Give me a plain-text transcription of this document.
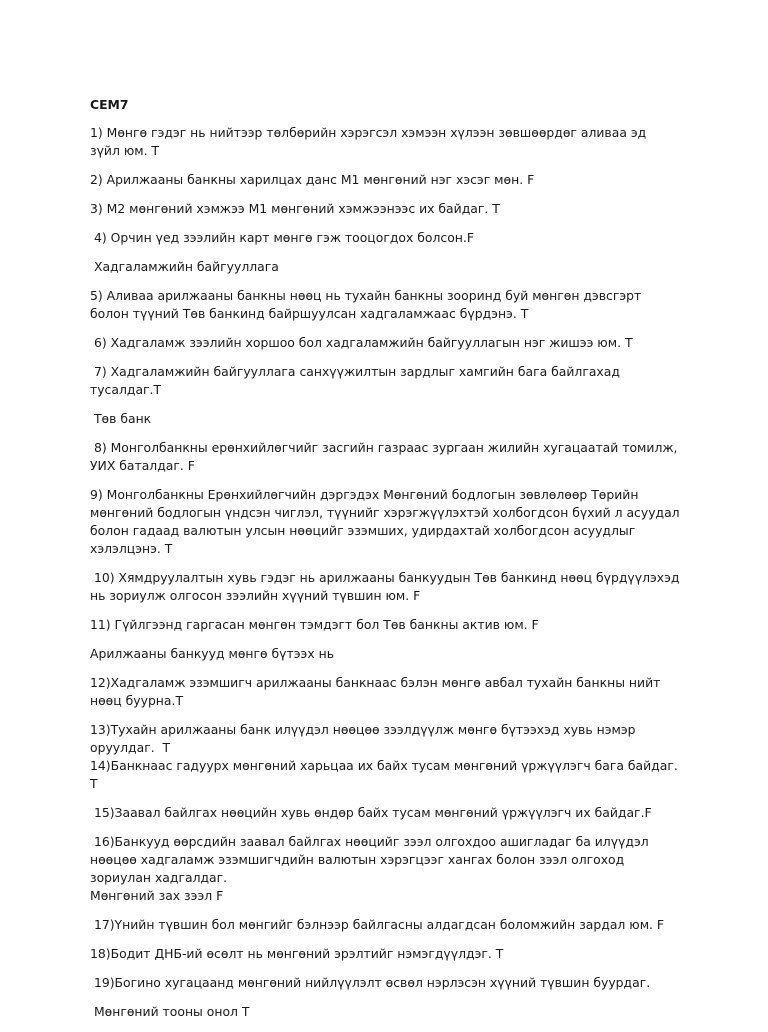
CEM7
1) Мөнгө гэдэг нь нийтээр төлбөрийн хэрэгсэл хэмээн хүлээн зөвшөөрдөг аливаа эд зүйл юм. T
2) Арилжааны банкны харилцах данс М1 мөнгөний нэг хэсэг мөн. F
3) М2 мөнгөний хэмжээ М1 мөнгөний хэмжээнээс их байдаг. T
4) Орчин үед зээлийн карт мөнгө гэж тооцогдох болсон.F
Хадгаламжийн байгууллага
5) Аливаа арилжааны банкны нөөц нь тухайн банкны зооринд буй мөнгөн дэвсгэрт болон түүний Төв банкинд байршуулсан хадгаламжаас бүрдэнэ. T
6) Хадгаламж зээлийн хоршоо бол хадгаламжийн байгууллагын нэг жишээ юм. T
7) Хадгаламжийн байгууллага санхүүжилтын зардлыг хамгийн бага байлгахад тусалдаг.T
Төв банк
8) Монголбанкны ерөнхийлөгчийг засгийн газраас зургаан жилийн хугацаатай томилж, УИХ баталдаг. F
9) Монголбанкны Ерөнхийлөгчийн дэргэдэх Мөнгөний бодлогын зөвлөлөөр Төрийн мөнгөний бодлогын үндсэн чиглэл, түүнийг хэрэгжүүлэхтэй холбогдсон бүхий л асуудал болон гадаад валютын улсын нөөцийг эзэмших, удирдахтай холбогдсон асуудлыг хэлэлцэнэ. T
10) Хямдруулалтын хувь гэдэг нь арилжааны банкуудын Төв банкинд нөөц бүрдүүлэхэд нь зориулж олгосон зээлийн хүүний түвшин юм. F
11) Гүйлгээнд гаргасан мөнгөн тэмдэгт бол Төв банкны актив юм. F
Арилжааны банкууд мөнгө бүтээх нь
12)Хадгаламж эзэмшигч арилжааны банкнаас бэлэн мөнгө авбал тухайн банкны нийт нөөц буурна.T
13)Тухайн арилжааны банк илүүдэл нөөцөө зээлдүүлж мөнгө бүтээхэд хувь нэмэр оруулдаг.  T
14)Банкнаас гадуурх мөнгөний харьцаа их байх тусам мөнгөний үржүүлэгч бага байдаг. T
15)Заавал байлгах нөөцийн хувь өндөр байх тусам мөнгөний үржүүлэгч их байдаг.F
16)Банкууд өөрсдийн заавал байлгах нөөцийг зээл олгохдоо ашигладаг ба илүүдэл нөөцөө хадгаламж эзэмшигчдийн валютын хэрэгцээг хангах болон зээл олгоход зориулан хадгалдаг.
Мөнгөний зах зээл F
17)Үнийн түвшин бол мөнгийг бэлнээр байлгасны алдагдсан боломжийн зардал юм. F
18)Бодит ДНБ-ий өсөлт нь мөнгөний эрэлтийг нэмэгдүүлдэг. T
19)Богино хугацаанд мөнгөний нийлүүлэлт өсвөл нэрлэсэн хүүний түвшин буурдаг.
Мөнгөний тооны онол T
